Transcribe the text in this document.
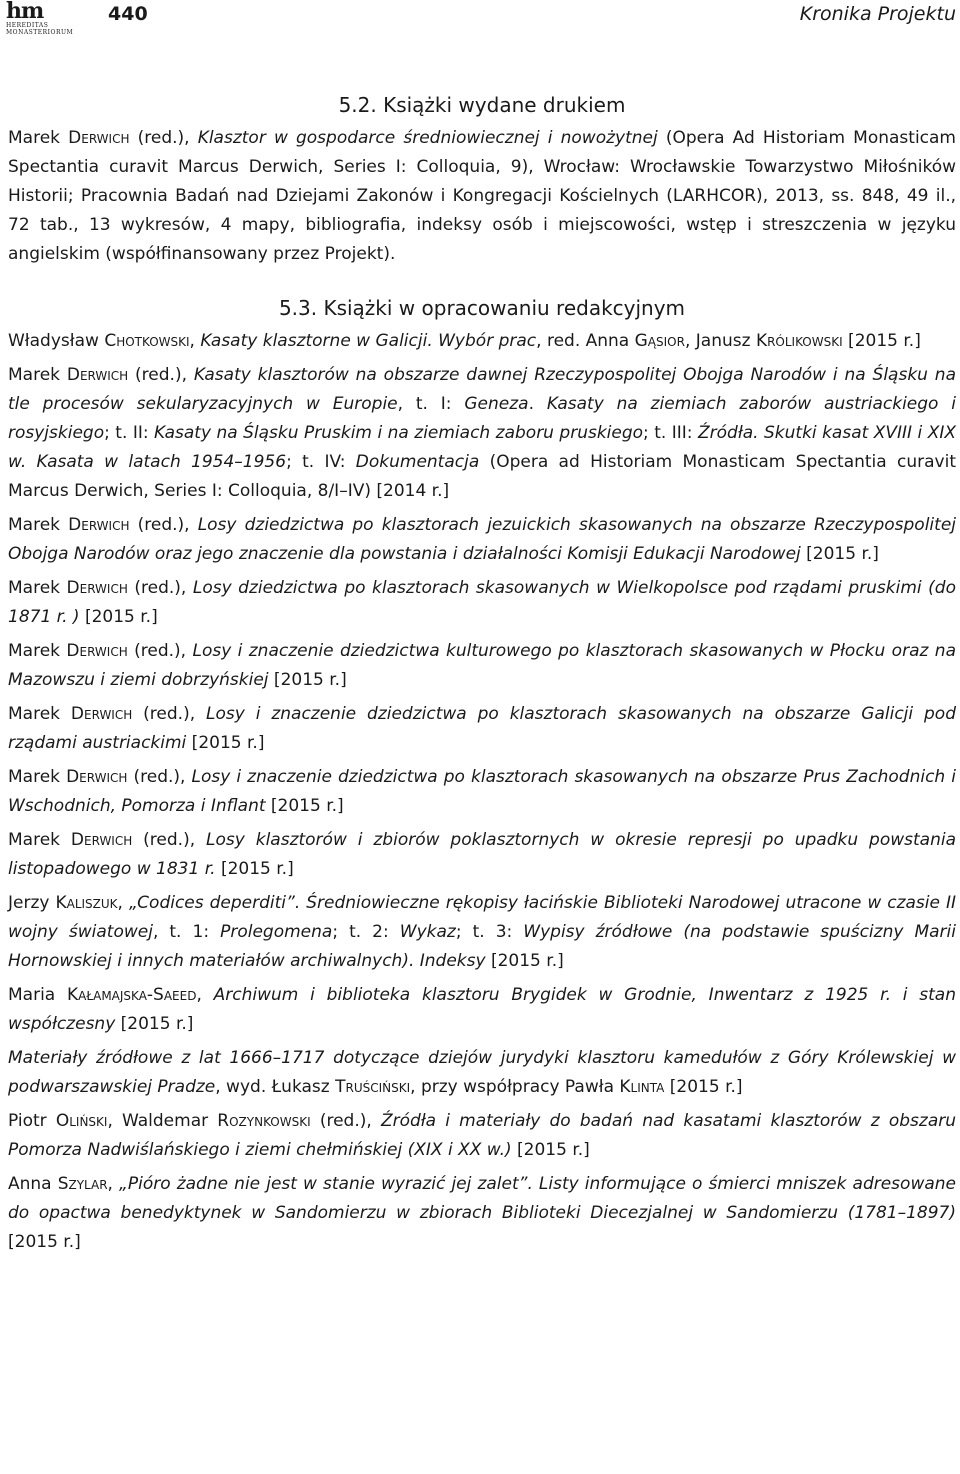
hm
HEREDITAS
MONASTERIORUM
440	Kronika Projektu
5.2. Książki wydane drukiem

Marek Derwich (red.), Klasztor w gospodarce średniowiecznej i nowożytnej (Opera Ad Historiam Monasticam Spectantia curavit Marcus Derwich, Series I: Colloquia, 9), Wrocław: Wrocławskie Towarzystwo Miłośników Historii; Pracownia Badań nad Dziejami Zakonów i Kongregacji Kościelnych (LARHCOR), 2013, ss. 848, 49 il., 72 tab., 13 wykresów, 4 mapy, bibliografia, indeksy osób i miejscowości, wstęp i streszczenia w języku angielskim (współfinansowany przez Projekt).

5.3. Książki w opracowaniu redakcyjnym

Władysław Chotkowski, Kasaty klasztorne w Galicji. Wybór prac, red. Anna Gąsior, Janusz Królikowski [2015 r.]

Marek Derwich (red.), Kasaty klasztorów na obszarze dawnej Rzeczypospolitej Obojga Narodów i na Śląsku na tle procesów sekularyzacyjnych w Europie, t. I: Geneza. Kasaty na ziemiach zaborów austriackiego i rosyjskiego; t. II: Kasaty na Śląsku Pruskim i na ziemiach zaboru pruskiego; t. III: Źródła. Skutki kasat XVIII i XIX w. Kasata w latach 1954–1956; t. IV: Dokumentacja (Opera ad Historiam Monasticam Spectantia curavit Marcus Derwich, Series I: Colloquia, 8/I–IV) [2014 r.]

Marek Derwich (red.), Losy dziedzictwa po klasztorach jezuickich skasowanych na obszarze Rzeczypospolitej Obojga Narodów oraz jego znaczenie dla powstania i działalności Komisji Edukacji Narodowej [2015 r.]

Marek Derwich (red.), Losy dziedzictwa po klasztorach skasowanych w Wielkopolsce pod rządami pruskimi (do 1871 r. ) [2015 r.]

Marek Derwich (red.), Losy i znaczenie dziedzictwa kulturowego po klasztorach skasowanych w Płocku oraz na Mazowszu i ziemi dobrzyńskiej [2015 r.]

Marek Derwich (red.), Losy i znaczenie dziedzictwa po klasztorach skasowanych na obszarze Galicji pod rządami austriackimi [2015 r.]

Marek Derwich (red.), Losy i znaczenie dziedzictwa po klasztorach skasowanych na obszarze Prus Zachodnich i Wschodnich, Pomorza i Inflant [2015 r.]

Marek Derwich (red.), Losy klasztorów i zbiorów poklasztornych w okresie represji po upadku powstania listopadowego w 1831 r. [2015 r.]

Jerzy Kaliszuk, „Codices deperditi”. Średniowieczne rękopisy łacińskie Biblioteki Narodowej utracone w czasie II wojny światowej, t. 1: Prolegomena; t. 2: Wykaz; t. 3: Wypisy źródłowe (na podstawie spuścizny Marii Hornowskiej i innych materiałów archiwalnych). Indeksy [2015 r.]

Maria Kałamajska-Saeed, Archiwum i biblioteka klasztoru Brygidek w Grodnie, Inwentarz z 1925 r. i stan współczesny [2015 r.]

Materiały źródłowe z lat 1666–1717 dotyczące dziejów jurydyki klasztoru kamedułów z Góry Królewskiej w podwarszawskiej Pradze, wyd. Łukasz Truściński, przy współpracy Pawła Klinta [2015 r.]

Piotr Oliński, Waldemar Rozynkowski (red.), Źródła i materiały do badań nad kasatami klasztorów z obszaru Pomorza Nadwiślańskiego i ziemi chełmińskiej (XIX i XX w.) [2015 r.]

Anna Szylar, „Pióro żadne nie jest w stanie wyrazić jej zalet”. Listy informujące o śmierci mniszek adresowane do opactwa benedyktynek w Sandomierzu w zbiorach Biblioteki Diecezjalnej w Sandomierzu (1781–1897) [2015 r.]
